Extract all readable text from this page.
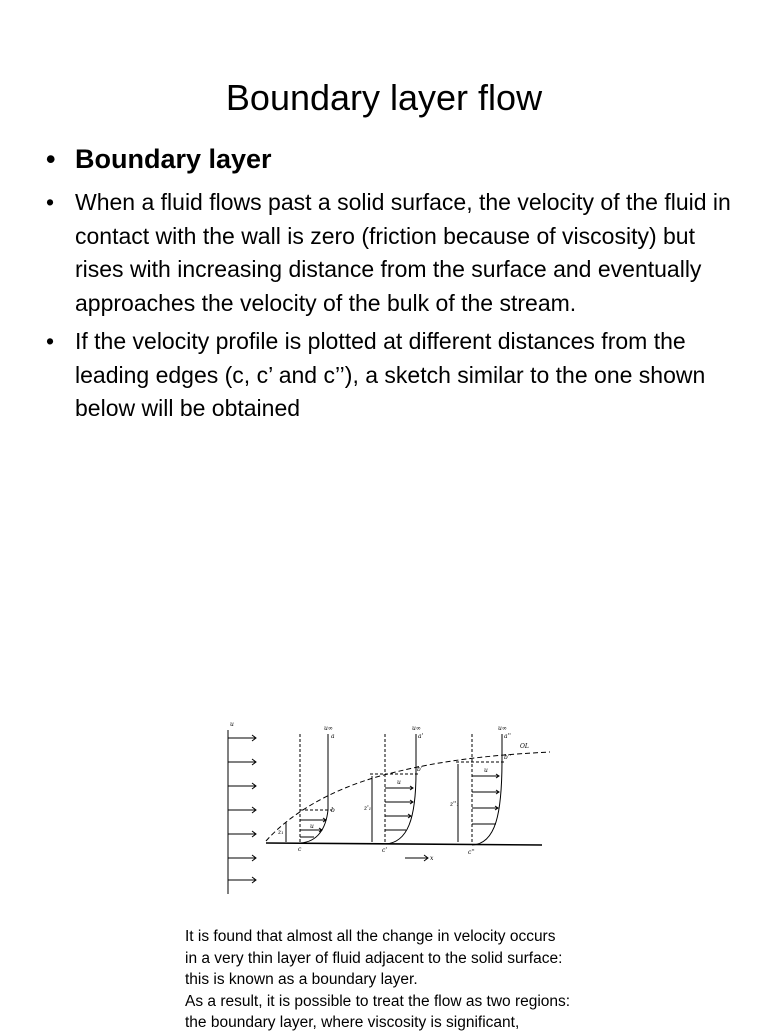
Boundary layer flow
• Boundary layer
• When a fluid flows past a solid surface, the velocity of the fluid in contact with the wall is zero (friction because of viscosity) but rises with increasing distance from the surface and eventually approaches the velocity of the bulk of the stream.
• If the velocity profile is plotted at different distances from the leading edges (c, c’ and c’’), a sketch similar to the one shown below will be obtained
u
u∞	u∞	u∞
a	a'	a''
b
b'
b''
c	c'	c''
u
u
u
z₁
z'₁
z''₁
OL
x
It is found that almost all the change in velocity occurs
in a very thin layer of fluid adjacent to the solid surface:
this is known as a boundary layer.
As a result, it is possible to treat the flow as two regions:
the boundary layer, where viscosity is significant,
